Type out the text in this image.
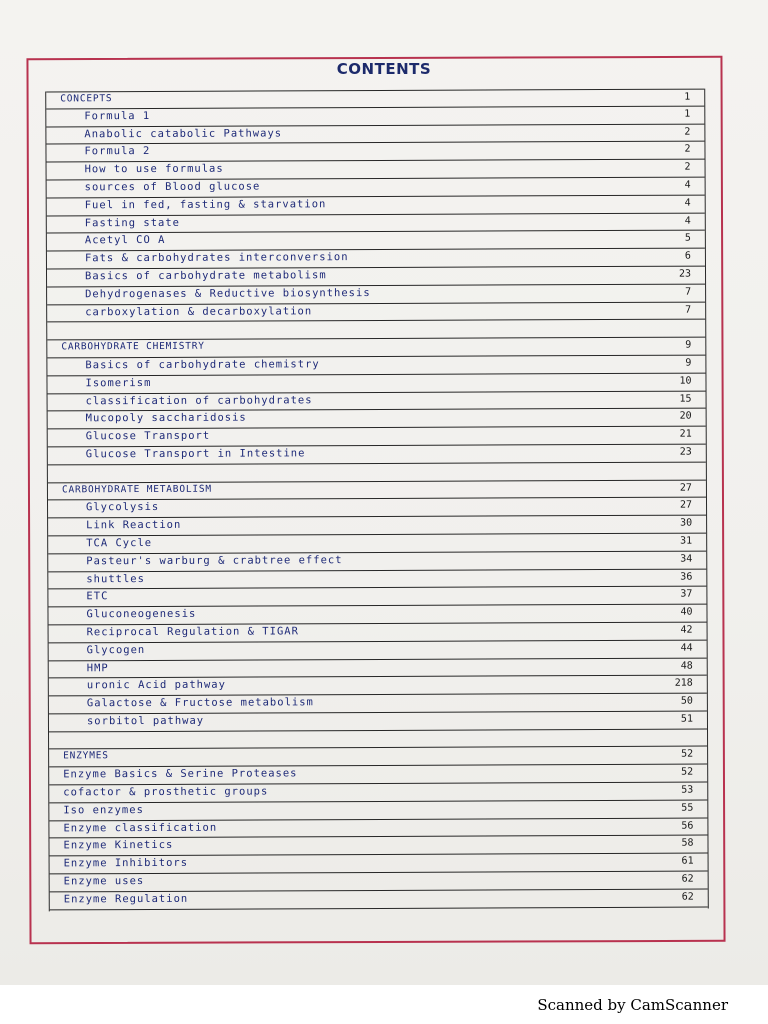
CONTENTS
CONCEPTS	1
Formula 1	1
Anabolic catabolic Pathways	2
Formula 2	2
How to use formulas	2
sources of Blood glucose	4
Fuel in fed, fasting & starvation	4
Fasting state	4
Acetyl CO A	5
Fats & carbohydrates interconversion	6
Basics of carbohydrate metabolism	23
Dehydrogenases & Reductive biosynthesis	7
carboxylation & decarboxylation	7
CARBOHYDRATE CHEMISTRY	9
Basics of carbohydrate chemistry	9
Isomerism	10
classification of carbohydrates	15
Mucopoly saccharidosis	20
Glucose Transport	21
Glucose Transport in Intestine	23
CARBOHYDRATE METABOLISM	27
Glycolysis	27
Link Reaction	30
TCA Cycle	31
Pasteur's warburg & crabtree effect	34
shuttles	36
ETC	37
Gluconeogenesis	40
Reciprocal Regulation & TIGAR	42
Glycogen	44
HMP	48
uronic Acid pathway	218
Galactose & Fructose metabolism	50
sorbitol pathway	51
ENZYMES	52
Enzyme Basics & Serine Proteases	52
cofactor & prosthetic groups	53
Iso enzymes	55
Enzyme classification	56
Enzyme Kinetics	58
Enzyme Inhibitors	61
Enzyme uses	62
Enzyme Regulation	62
Scanned by CamScanner
